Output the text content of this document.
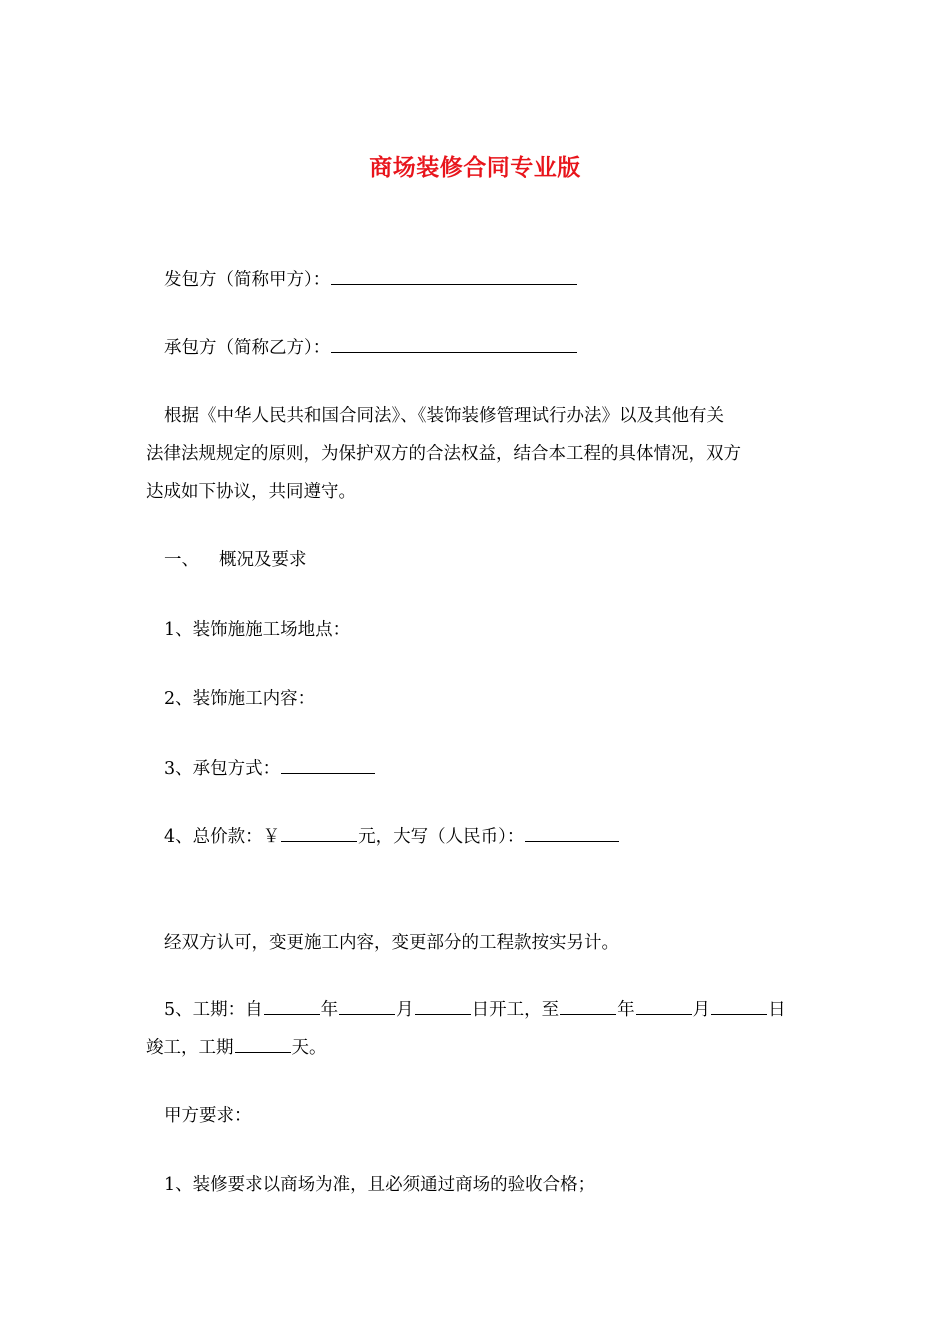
商场装修合同专业版
发包方（简称甲方）：
承包方（简称乙方）：
根据《中华人民共和国合同法》、《装饰装修管理试行办法》以及其他有关
法律法规规定的原则，为保护双方的合法权益，结合本工程的具体情况，双方
达成如下协议，共同遵守。
一、 概况及要求
1、装饰施施工场地点：
2、装饰施工内容：
3、承包方式：
4、总价款：￥	元，大写（人民币）：
经双方认可，变更施工内容，变更部分的工程款按实另计。
5、工期：自	年	月	日开工，至	年	月	日
竣工，工期	天。
甲方要求：
1、装修要求以商场为准，且必须通过商场的验收合格；
